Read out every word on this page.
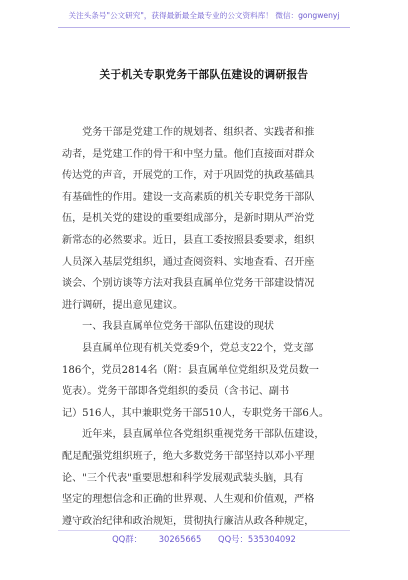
关注头条号"公文研究"，获得最新最全最专业的公文资料库！ 微信：gongwenyj
关于机关专职党务干部队伍建设的调研报告

　　党务干部是党建工作的规划者、组织者、实践者和推

动者，是党建工作的骨干和中坚力量。他们直接面对群众

传达党的声音，开展党的工作，对于巩固党的执政基础具

有基础性的作用。建设一支高素质的机关专职党务干部队

伍，是机关党的建设的重要组成部分，是新时期从严治党

新常态的必然要求。近日，县直工委按照县委要求，组织

人员深入基层党组织，通过查阅资料、实地查看、召开座

谈会、个别访谈等方法对我县直属单位党务干部建设情况

进行调研，提出意见建议。

　　一、我县直属单位党务干部队伍建设的现状

　　县直属单位现有机关党委9个，党总支22个，党支部

186个，党员2814名（附：县直属单位党组织及党员数一

览表）。党务干部即各党组织的委员（含书记、副书

记）516人，其中兼职党务干部510人，专职党务干部6人。

　　近年来，县直属单位各党组织重视党务干部队伍建设，

配足配强党组织班子，绝大多数党务干部坚持以邓小平理

论、"三个代表"重要思想和科学发展观武装头脑，具有

坚定的理想信念和正确的世界观、人生观和价值观，严格

遵守政治纪律和政治规矩，贯彻执行廉洁从政各种规定，

QQ群： 30265665 QQ号：535304092
